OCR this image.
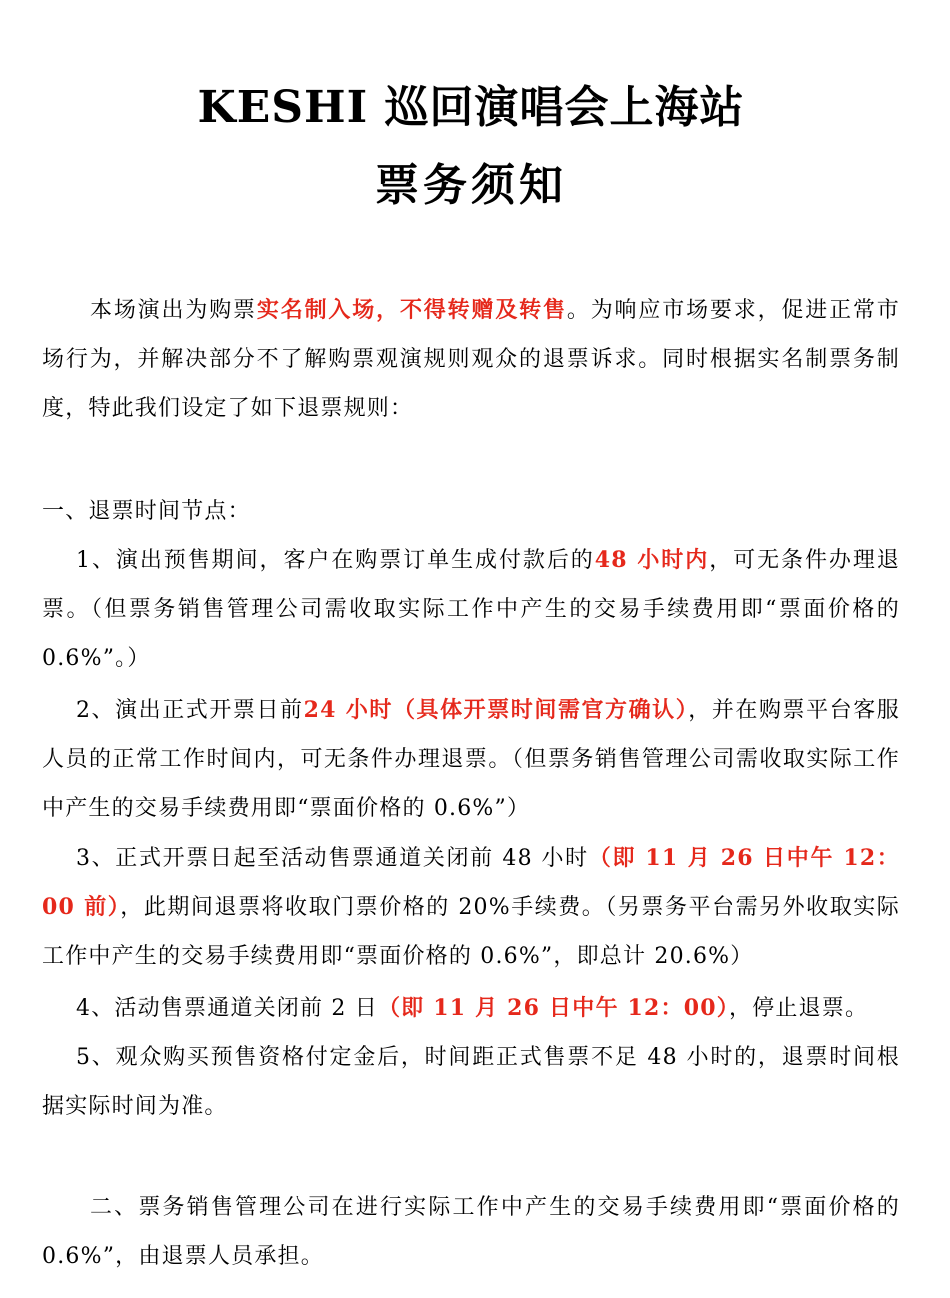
KESHI 巡回演唱会上海站
票务须知
本场演出为购票实名制入场，不得转赠及转售。为响应市场要求，促进正常市场行为，并解决部分不了解购票观演规则观众的退票诉求。同时根据实名制票务制度，特此我们设定了如下退票规则：
一、退票时间节点：
1、演出预售期间，客户在购票订单生成付款后的48 小时内，可无条件办理退票。（但票务销售管理公司需收取实际工作中产生的交易手续费用即“票面价格的 0.6%”。）
2、演出正式开票日前24 小时（具体开票时间需官方确认），并在购票平台客服人员的正常工作时间内，可无条件办理退票。（但票务销售管理公司需收取实际工作中产生的交易手续费用即“票面价格的 0.6%”）
3、正式开票日起至活动售票通道关闭前 48 小时（即 11 月 26 日中午 12：00 前），此期间退票将收取门票价格的 20%手续费。（另票务平台需另外收取实际工作中产生的交易手续费用即“票面价格的 0.6%”，即总计 20.6%）
4、活动售票通道关闭前 2 日（即 11 月 26 日中午 12：00），停止退票。
5、观众购买预售资格付定金后，时间距正式售票不足 48 小时的，退票时间根据实际时间为准。
二、票务销售管理公司在进行实际工作中产生的交易手续费用即“票面价格的 0.6%”，由退票人员承担。
